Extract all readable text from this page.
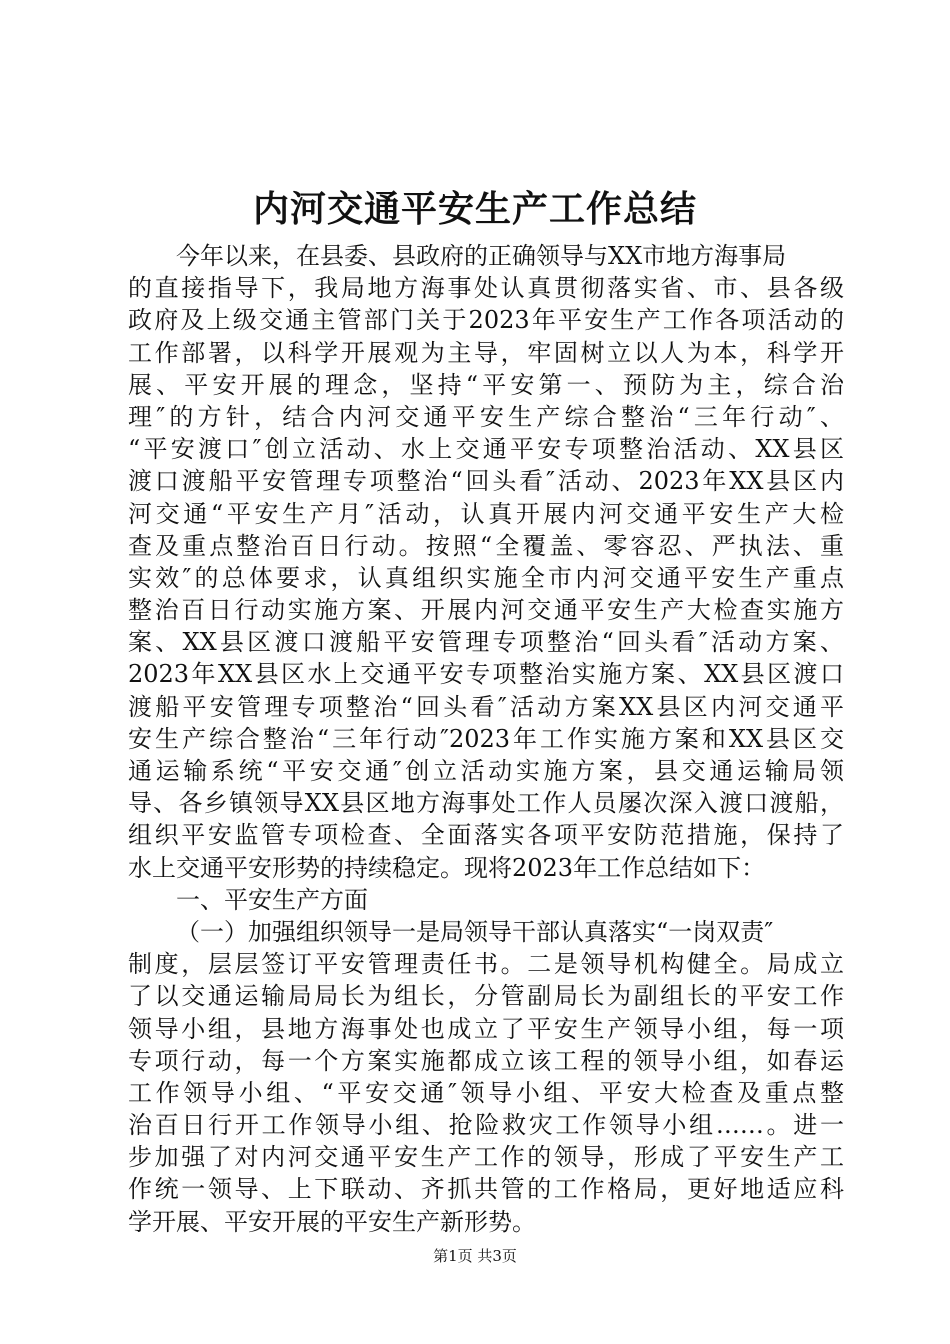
内河交通平安生产工作总结
今年以来，在县委、县政府的正确领导与XX市地方海事局
的直接指导下，我局地方海事处认真贯彻落实省、市、县各级
政府及上级交通主管部门关于2023年平安生产工作各项活动的
工作部署，以科学开展观为主导，牢固树立以人为本，科学开
展、平安开展的理念，坚持“平安第一、预防为主，综合治
理″的方针，结合内河交通平安生产综合整治“三年行动″、
“平安渡口″创立活动、水上交通平安专项整治活动、XX县区
渡口渡船平安管理专项整治“回头看″活动、2023年XX县区内
河交通“平安生产月″活动，认真开展内河交通平安生产大检
查及重点整治百日行动。按照“全覆盖、零容忍、严执法、重
实效″的总体要求，认真组织实施全市内河交通平安生产重点
整治百日行动实施方案、开展内河交通平安生产大检查实施方
案、XX县区渡口渡船平安管理专项整治“回头看″活动方案、
2023年XX县区水上交通平安专项整治实施方案、XX县区渡口
渡船平安管理专项整治“回头看″活动方案XX县区内河交通平
安生产综合整治“三年行动″2023年工作实施方案和XX县区交
通运输系统“平安交通″创立活动实施方案，县交通运输局领
导、各乡镇领导XX县区地方海事处工作人员屡次深入渡口渡船，
组织平安监管专项检查、全面落实各项平安防范措施，保持了
水上交通平安形势的持续稳定。现将2023年工作总结如下：
一、平安生产方面
（一）加强组织领导一是局领导干部认真落实“一岗双责″
制度，层层签订平安管理责任书。二是领导机构健全。局成立
了以交通运输局局长为组长，分管副局长为副组长的平安工作
领导小组，县地方海事处也成立了平安生产领导小组，每一项
专项行动，每一个方案实施都成立该工程的领导小组，如春运
工作领导小组、“平安交通″领导小组、平安大检查及重点整
治百日行开工作领导小组、抢险救灾工作领导小组……。进一
步加强了对内河交通平安生产工作的领导，形成了平安生产工
作统一领导、上下联动、齐抓共管的工作格局，更好地适应科
学开展、平安开展的平安生产新形势。
第1页 共3页
